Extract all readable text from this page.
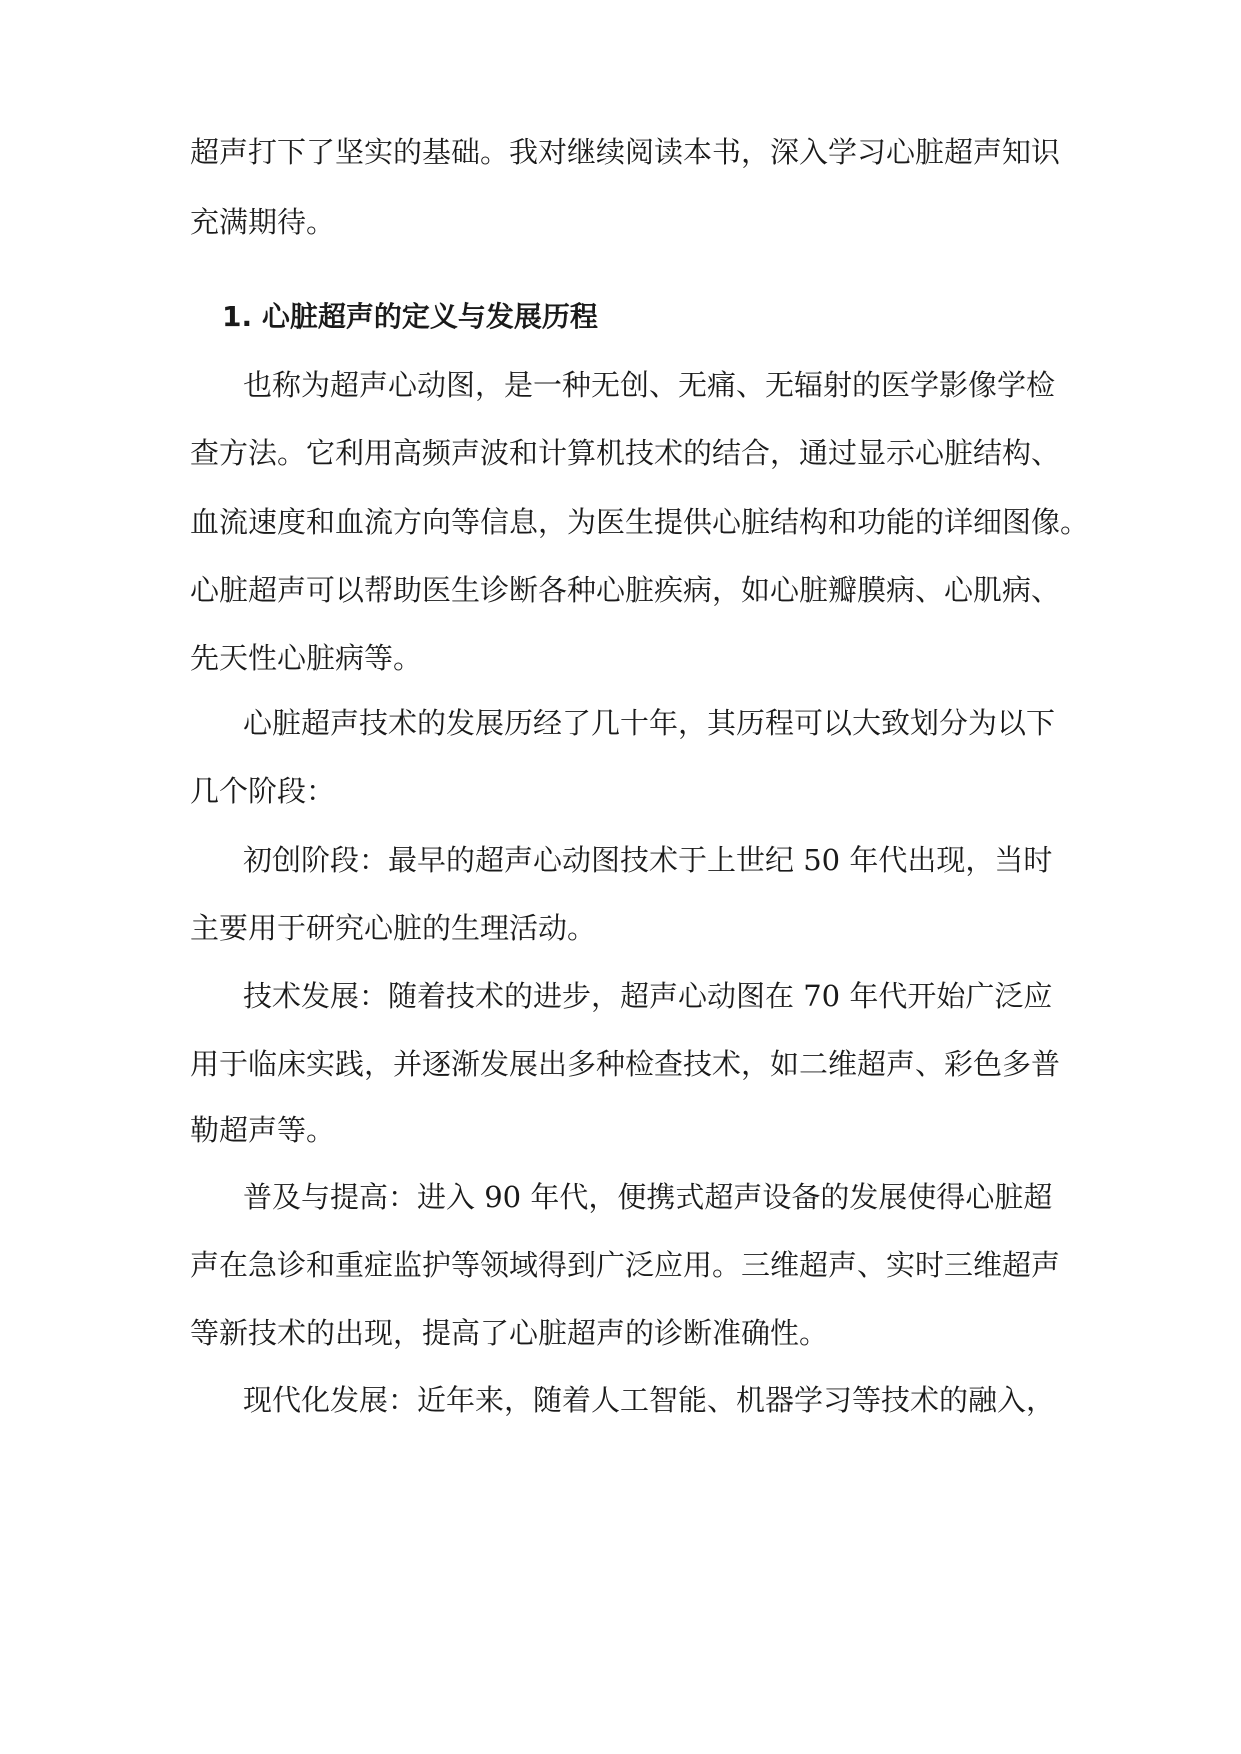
超声打下了坚实的基础。我对继续阅读本书，深入学习心脏超声知识
充满期待。
1. 心脏超声的定义与发展历程
也称为超声心动图，是一种无创、无痛、无辐射的医学影像学检
查方法。它利用高频声波和计算机技术的结合，通过显示心脏结构、
血流速度和血流方向等信息，为医生提供心脏结构和功能的详细图像。
心脏超声可以帮助医生诊断各种心脏疾病，如心脏瓣膜病、心肌病、
先天性心脏病等。
心脏超声技术的发展历经了几十年，其历程可以大致划分为以下
几个阶段：
初创阶段：最早的超声心动图技术于上世纪 50 年代出现，当时
主要用于研究心脏的生理活动。
技术发展：随着技术的进步，超声心动图在 70 年代开始广泛应
用于临床实践，并逐渐发展出多种检查技术，如二维超声、彩色多普
勒超声等。
普及与提高：进入 90 年代，便携式超声设备的发展使得心脏超
声在急诊和重症监护等领域得到广泛应用。三维超声、实时三维超声
等新技术的出现，提高了心脏超声的诊断准确性。
现代化发展：近年来，随着人工智能、机器学习等技术的融入，
